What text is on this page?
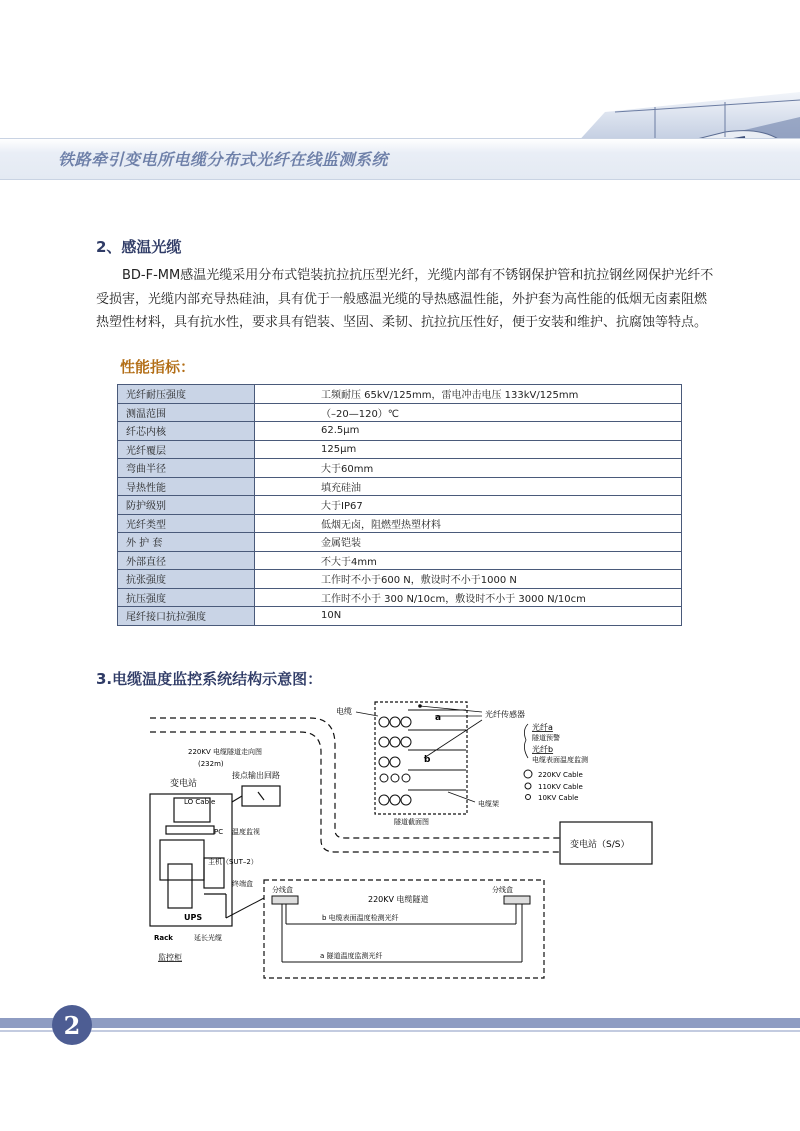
铁路牵引变电所电缆分布式光纤在线监测系统
2、感温光缆
BD-F-MM感温光缆采用分布式铠装抗拉抗压型光纤，光缆内部有不锈钢保护管和抗拉钢丝网保护光纤不受损害，光缆内部充导热硅油，具有优于一般感温光缆的导热感温性能，外护套为高性能的低烟无卤素阻燃热塑性材料，具有抗水性，要求具有铠装、坚固、柔韧、抗拉抗压性好，便于安装和维护、抗腐蚀等特点。
性能指标：
光纤耐压强度	工频耐压 65kV/125mm，雷电冲击电压 133kV/125mm
测温范围	（–20—120）℃
纤芯内核	62.5μm
光纤覆层	125μm
弯曲半径	大于60mm
导热性能	填充硅油
防护级别	大于IP67
光纤类型	低烟无卤，阻燃型热塑材料
外 护 套	金属铠装
外部直径	不大于4mm
抗张强度	工作时不小于600 N，敷设时不小于1000 N
抗压强度	工作时不小于 300 N/10cm，敷设时不小于 3000 N/10cm
尾纤接口抗拉强度	10N
3.电缆温度监控系统结构示意图：
a
b
隧道截面图
电缆	光纤传感器
光纤a
隧道预警
光纤b
电缆表面温度监测
220KV Cable
110KV Cable
10KV Cable
电缆架
220KV 电缆隧道走向图
(232m)
变电站
接点输出回路
变电站（S/S）
LO Cable
PC 温度监视
主机（SUT–2）
终端盒
UPS
Rack	延长光缆
监控柜
分线盒	分线盒
220KV 电缆隧道
b 电缆表面温度检测光纤
a 隧道温度监测光纤
2
